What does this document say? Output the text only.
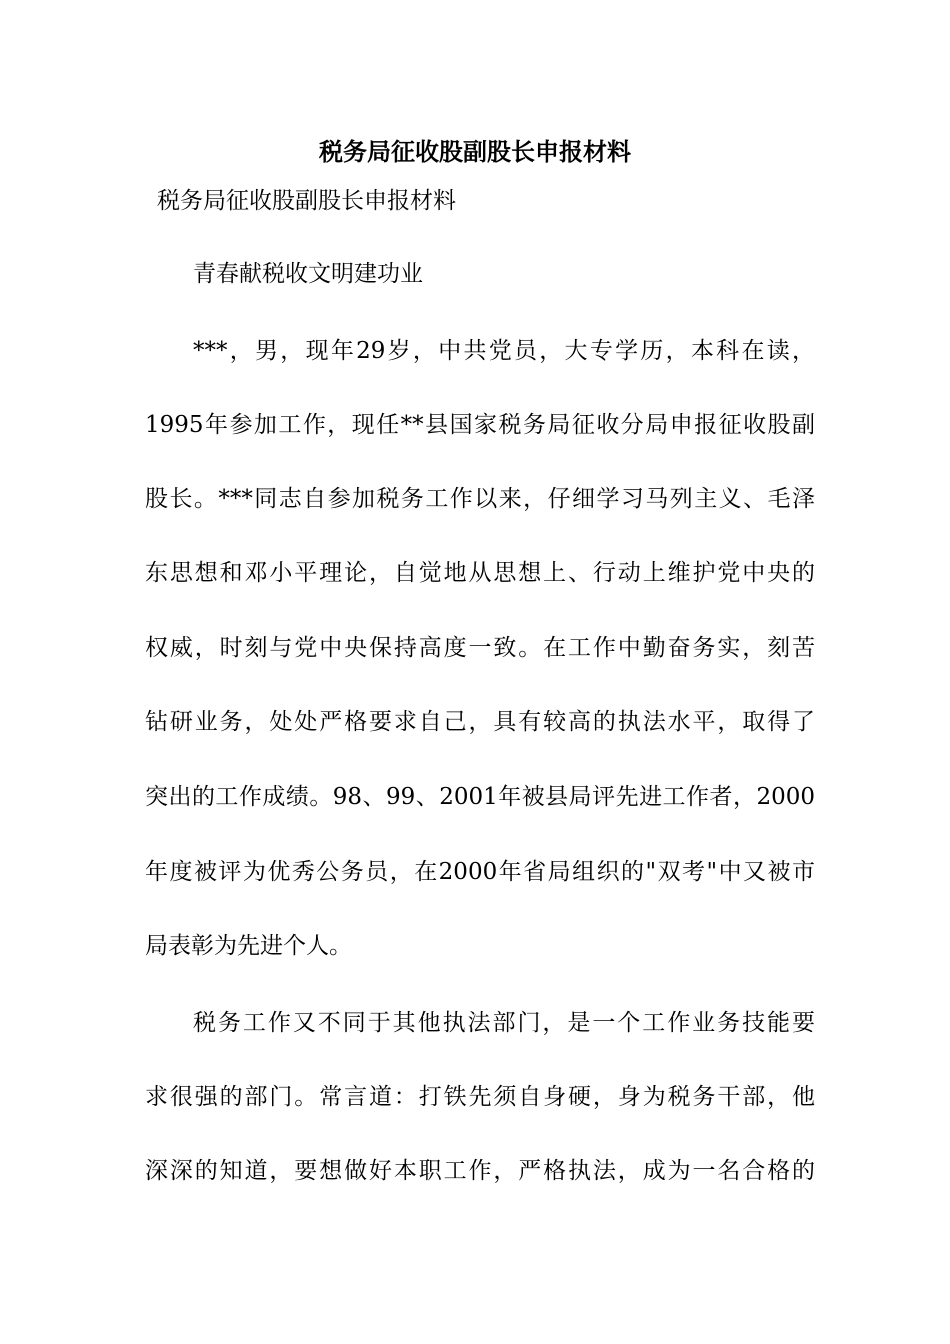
税务局征收股副股长申报材料
税务局征收股副股长申报材料
青春献税收文明建功业
***，男，现年29岁，中共党员，大专学历，本科在读，
1995年参加工作，现任**县国家税务局征收分局申报征收股副
股长。***同志自参加税务工作以来，仔细学习马列主义、毛泽
东思想和邓小平理论，自觉地从思想上、行动上维护党中央的
权威，时刻与党中央保持高度一致。在工作中勤奋务实，刻苦
钻研业务，处处严格要求自己，具有较高的执法水平，取得了
突出的工作成绩。98、99、2001年被县局评先进工作者，2000
年度被评为优秀公务员，在2000年省局组织的"双考"中又被市
局表彰为先进个人。
税务工作又不同于其他执法部门，是一个工作业务技能要
求很强的部门。常言道：打铁先须自身硬，身为税务干部，他
深深的知道，要想做好本职工作，严格执法，成为一名合格的
